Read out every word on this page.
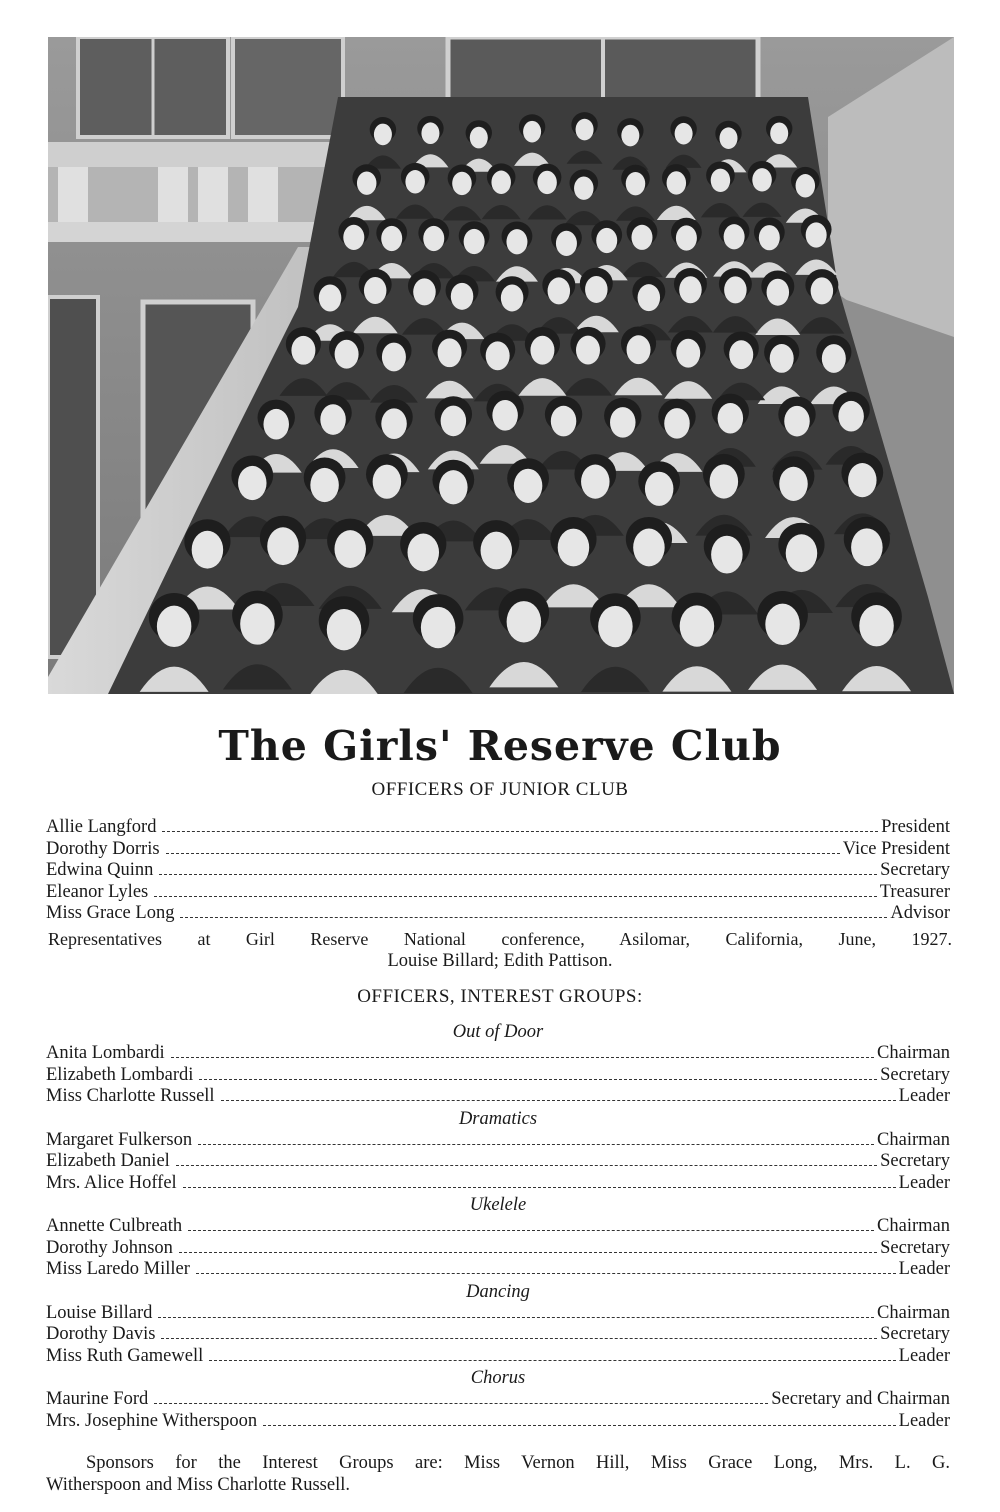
The Girls' Reserve Club
OFFICERS OF JUNIOR CLUB
Allie Langford	President
Dorothy Dorris	Vice President
Edwina Quinn	Secretary
Eleanor Lyles	Treasurer
Miss Grace Long	Advisor
Representatives at Girl Reserve National conference, Asilomar, California, June, 1927.
Louise Billard; Edith Pattison.
OFFICERS, INTEREST GROUPS:
Out of Door
Anita Lombardi	Chairman
Elizabeth Lombardi	Secretary
Miss Charlotte Russell	Leader
Dramatics
Margaret Fulkerson	Chairman
Elizabeth Daniel	Secretary
Mrs. Alice Hoffel	Leader
Ukelele
Annette Culbreath	Chairman
Dorothy Johnson	Secretary
Miss Laredo Miller	Leader
Dancing
Louise Billard	Chairman
Dorothy Davis	Secretary
Miss Ruth Gamewell	Leader
Chorus
Maurine Ford	Secretary and Chairman
Mrs. Josephine Witherspoon	Leader
Sponsors for the Interest Groups are: Miss Vernon Hill, Miss Grace Long, Mrs. L. G.
Witherspoon and Miss Charlotte Russell.
